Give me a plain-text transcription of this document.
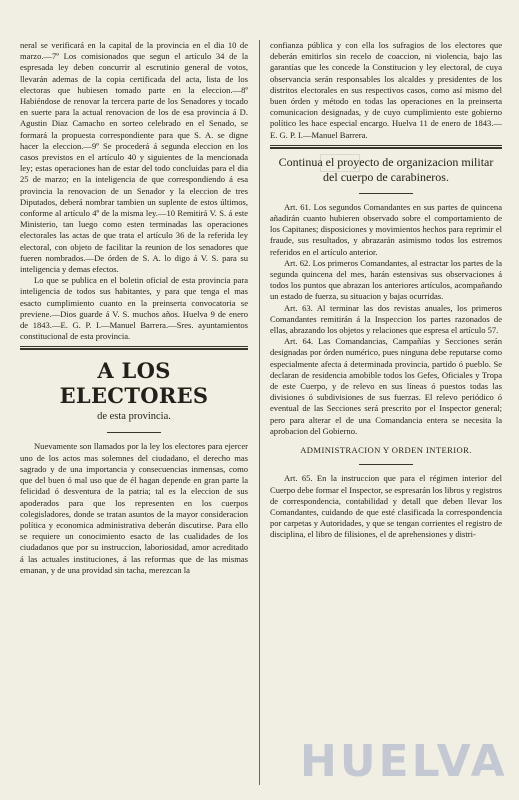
neral se verificará en la capital de la provincia en el dia 10 de marzo.—7º Los comisionados que segun el artículo 34 de la espresada ley deben concurrir al escrutinio general de votos, llevarán ademas de la copia certificada del acta, lista de los electoras que hubiesen tomado parte en la eleccion.—8º Habiéndose de renovar la tercera parte de los Senadores y tocado en suerte para la actual renovacion de los de esa provincia á D. Agustin Diaz Camacho en sorteo celebrado en el Senado, se formará la propuesta correspondiente para que S. A. se digne hacer la eleccion.—9º Se procederá á segunda eleccion en los casos previstos en el artículo 40 y siguientes de la mencionada ley; estas operaciones han de estar del todo concluidas para el dia 25 de marzo; en la inteligencia de que correspondiendo á esa provincia la renovacion de un Senador y la eleccion de tres Diputados, deberá nombrar tambien un suplente de estos últimos, conforme al artículo 4º de la misma ley.—10 Remitirá V. S. á este Ministerio, tan luego como esten terminadas las operaciones electorales las actas de que trata el artículo 36 de la referida ley electoral, con objeto de facilitar la reunion de los senadores que fueren nombrados.—De órden de S. A. lo digo á V. S. para su inteligencia y demas efectos.

Lo que se publica en el boletin oficial de esta provincia para inteligencia de todos sus habitantes, y para que tenga el mas esacto cumplimiento cuanto en la preinserta convocatoria se previene.—Dios guarde á V. S. muchos años. Huelva 9 de enero de 1843.—E. G. P. I.—Manuel Barrera.—Sres. ayuntamientos constitucional de esta provincia.

A LOS ELECTORES
de esta provincia.

Nuevamente son llamados por la ley los electores para ejercer uno de los actos mas solemnes del ciudadano, el derecho mas sagrado y de una importancia y consecuencias inmensas, como que del buen ó mal uso que de él hagan depende en gran parte la felicidad ó desventura de la patria; tal es la eleccion de sus apoderados para que los representen en los cuerpos colegisladores, donde se tratan asuntos de la mayor consideracion política y economica administrativa deberán discutirse. Para ello se requiere un conocimiento esacto de las cualidades de los ciudadanos que por su instruccion, laboriosidad, amor acreditado á las actuales instituciones, á las reformas que de las mismas emanan, y de una providad sin tacha, merezcan la

confianza pública y con ella los sufragios de los electores que deberán emitirlos sin recelo de coaccion, ni violencia, bajo las garantías que les concede la Constitucion y ley electoral, de cuya observancia serán responsables los alcaldes y presidentes de los distritos electorales en sus respectivos casos, como así mismo del buen órden y método en todas las operaciones en la preinserta comunicacion designadas, y de cuyo cumplimiento este gobierno político les hace especial encargo. Huelva 11 de enero de 1843.—E. G. P. I.—Manuel Barrera.

Continua el proyecto de organizacion militar del cuerpo de carabineros.

Art. 61. Los segundos Comandantes en sus partes de quincena añadirán cuanto hubieren observado sobre el comportamiento de los Capitanes; disposiciones y movimientos hechos para reprimir el fraude, sus resultados, y abrazarán asimismo todos los estremos referidos en el artículo anterior.

Art. 62. Los primeros Comandantes, al estractar los partes de la segunda quincena del mes, harán estensivas sus observaciones á todos los puntos que abrazan los anteriores artículos, acompañando un estado de fuerza, su situacion y bajas ocurridas.

Art. 63. Al terminar las dos revistas anuales, los primeros Comandantes remitirán á la Inspeccion los partes razonados de ellas, abrazando los objetos y relaciones que espresa el artículo 57.

Art. 64. Las Comandancias, Campañías y Secciones serán designadas por órden numérico, pues ninguna debe reputarse como especialmente afecta á determinada provincia, partido ó pueblo. Se declaran de residencia amobible todos los Gefes, Oficiales y Tropa de este Cuerpo, y de relevo en sus líneas ó puestos todas las divisiones ó subdivisiones de sus fuerzas. El relevo periódico ó eventual de las Secciones será prescrito por el Inspector general; pero para alterar el de una Comandancia entera se necesita la aprobacion del Gobierno.

ADMINISTRACION Y ORDEN INTERIOR.

Art. 65. En la instruccion que para el régimen interior del Cuerpo debe formar el Inspector, se espresarán los libros y registros de correspondencia, contabilidad y detall que deben llevar los Comandantes, cuidando de que esté clasificada la correspondencia por carpetas y Autoridades, y que se tengan corrientes el registro de disciplina, el libro de filisiones, el de aprehensiones y distri-

HUELVA
